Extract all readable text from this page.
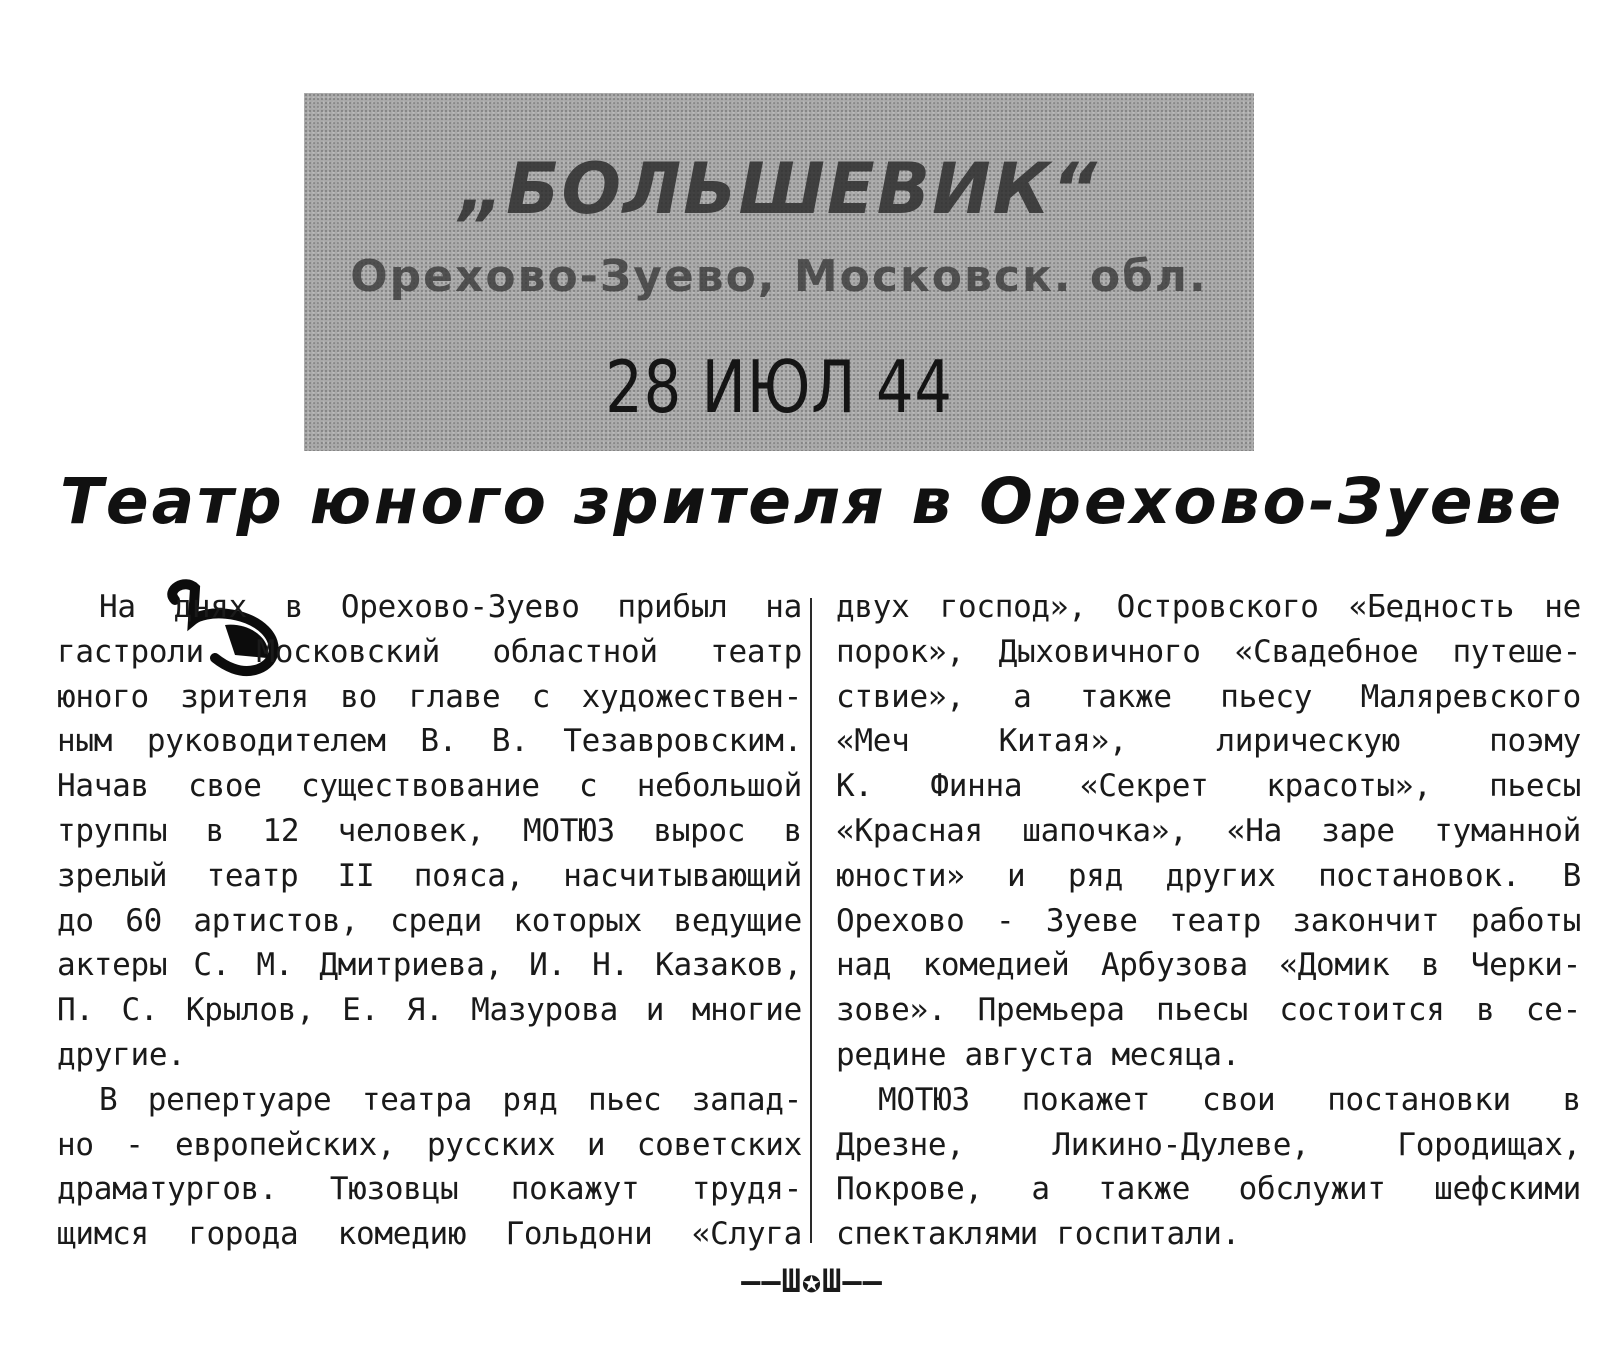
„БОЛЬШЕВИК“
Орехово-Зуево, Московск. обл.
28 ИЮЛ 44
Театр юного зрителя в Орехово-Зуеве
На днях в Орехово-Зуево прибыл на
гастроли Московский областной театр
юного зрителя во главе с художествен-
ным руководителем В. В. Тезавровским.
Начав свое существование с небольшой
труппы в 12 человек, МОТЮЗ вырос в
зрелый театр II пояса, насчитывающий
до 60 артистов, среди которых ведущие
актеры С. М. Дмитриева, И. Н. Казаков,
П. С. Крылов, Е. Я. Мазурова и многие
другие.
В репертуаре театра ряд пьес запад-
но - европейских, русских и советских
драматургов. Тюзовцы покажут трудя-
щимся города комедию Гольдони «Слуга
двух господ», Островского «Бедность не
порок», Дыховичного «Свадебное путеше-
ствие», а также пьесу Маляревского
«Меч Китая», лирическую поэму
К. Финна «Секрет красоты», пьесы
«Красная шапочка», «На заре туманной
юности» и ряд других постановок. В
Орехово - Зуеве театр закончит работы
над комедией Арбузова «Домик в Черки-
зове». Премьера пьесы состоится в се-
редине августа месяца.
МОТЮЗ покажет свои постановки в
Дрезне, Ликино-Дулеве, Городищах,
Покрове, а также обслужит шефскими
спектаклями госпитали.
——Ш✪Ш——
